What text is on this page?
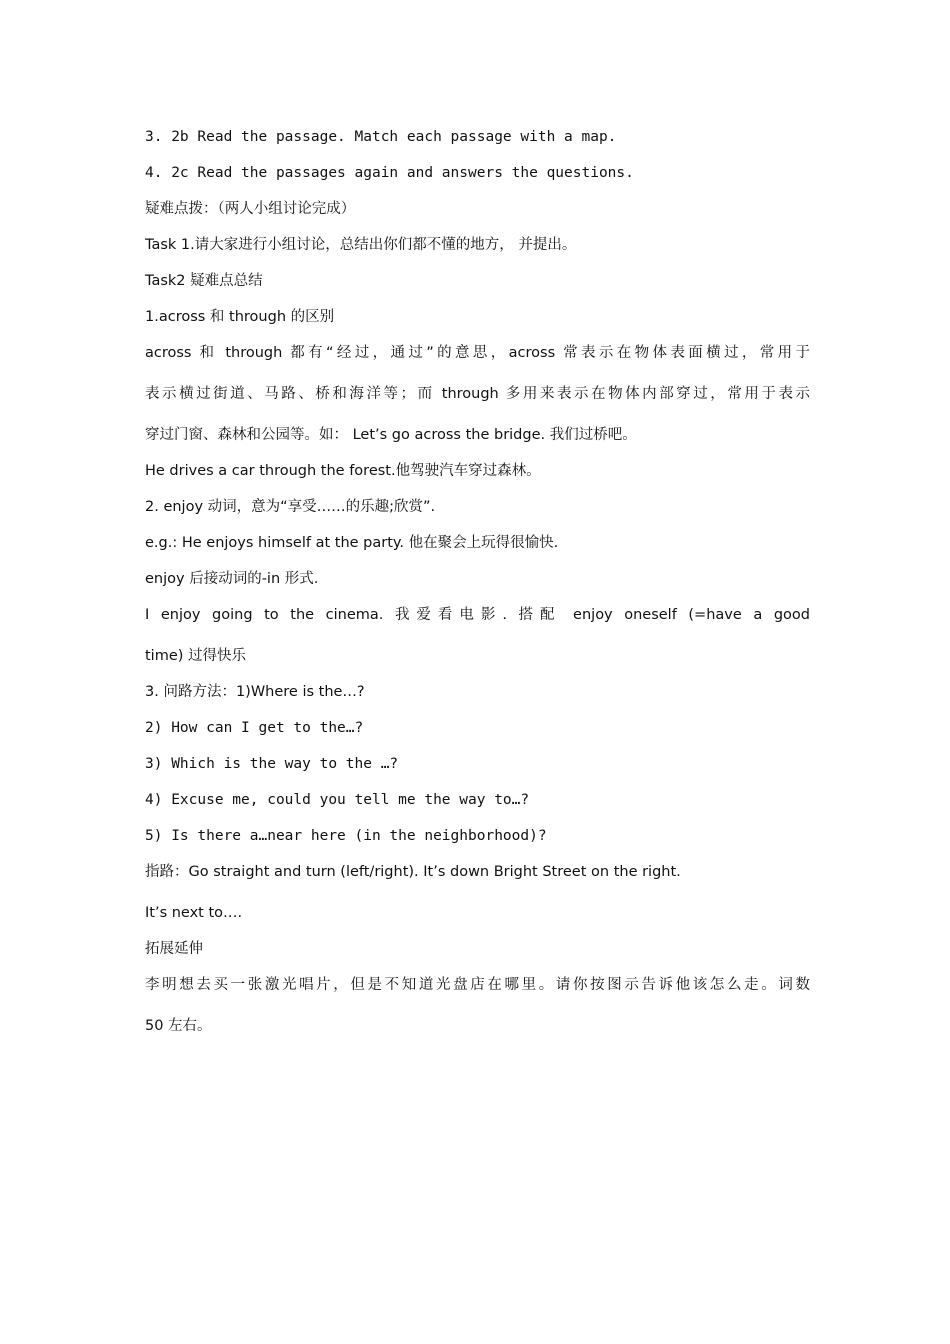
3. 2b Read the passage. Match each passage with a map.
4. 2c Read the passages again and answers the questions.
疑难点拨：（两人小组讨论完成）
Task 1.请大家进行小组讨论，总结出你们都不懂的地方， 并提出。
Task2 疑难点总结
1.across 和 through 的区别
across 和 through 都有“经过，通过”的意思，across 常表示在物体表面横过，常用于
表示横过街道、马路、桥和海洋等；而 through 多用来表示在物体内部穿过，常用于表示
穿过门窗、森林和公园等。如： Let’s go across the bridge. 我们过桥吧。
He drives a car through the forest.他驾驶汽车穿过森林。
2. enjoy 动词，意为“享受……的乐趣;欣赏”.
e.g.: He enjoys himself at the party. 他在聚会上玩得很愉快.
enjoy 后接动词的-in 形式.
I enjoy going to the cinema. 我爱看电影. 搭配 enjoy oneself (=have a good
time) 过得快乐
3. 问路方法：1)Where is the…?
2) How can I get to the…?
3) Which is the way to the …?
4) Excuse me, could you tell me the way to…?
5) Is there a…near here (in the neighborhood)?
指路：Go straight and turn (left/right). It’s down Bright Street on the right.
It’s next to….
拓展延伸
李明想去买一张激光唱片，但是不知道光盘店在哪里。请你按图示告诉他该怎么走。词数
50 左右。
